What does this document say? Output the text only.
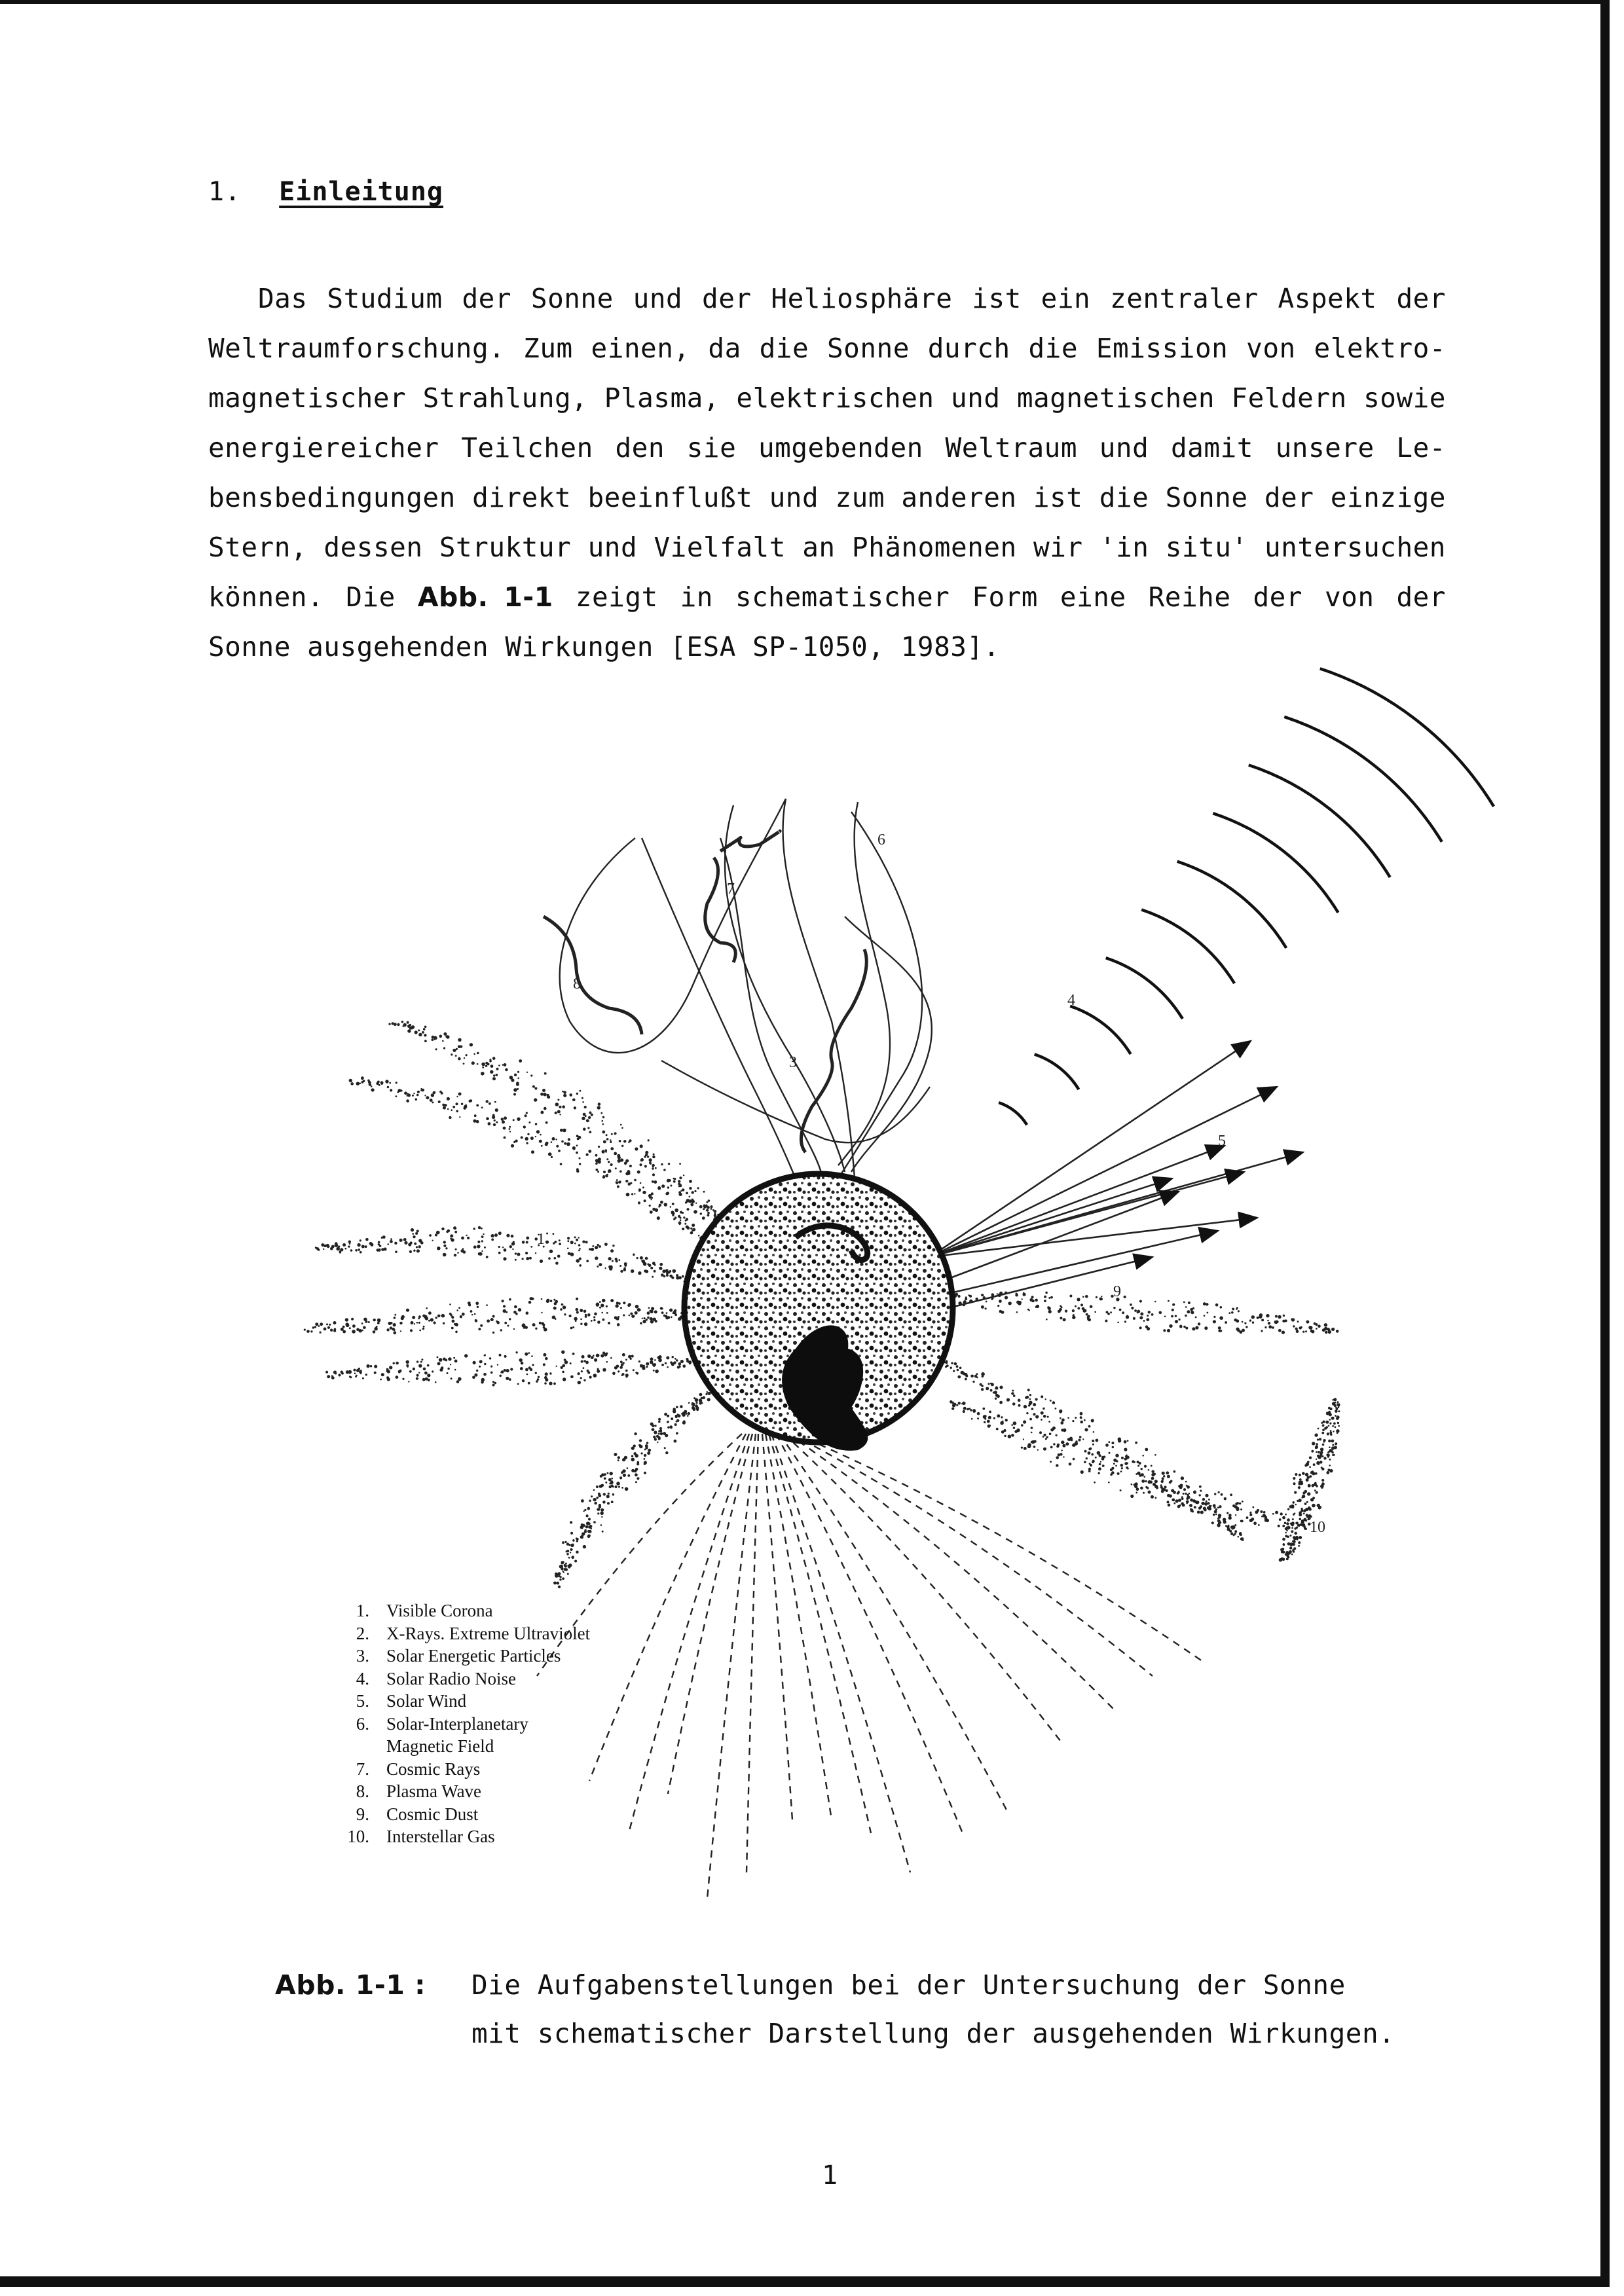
1. Einleitung

Das Studium der Sonne und der Heliosphäre ist ein zentraler Aspekt der
Weltraumforschung. Zum einen, da die Sonne durch die Emission von elektro-
magnetischer Strahlung, Plasma, elektrischen und magnetischen Feldern sowie
energiereicher Teilchen den sie umgebenden Weltraum und damit unsere Le-
bensbedingungen direkt beeinflußt und zum anderen ist die Sonne der einzige
Stern, dessen Struktur und Vielfalt an Phänomenen wir 'in situ' untersuchen
können. Die Abb. 1-1 zeigt in schematischer Form eine Reihe der von der
Sonne ausgehenden Wirkungen [ESA SP-1050, 1983].

1
3
4
5
6
7
8
9
10
1. Visible Corona
2. X-Rays. Extreme Ultraviolet
3. Solar Energetic Particles
4. Solar Radio Noise
5. Solar Wind
6. Solar-Interplanetary
Magnetic Field
7. Cosmic Rays
8. Plasma Wave
9. Cosmic Dust
10. Interstellar Gas
Abb. 1-1 : Die Aufgabenstellungen bei der Untersuchung der Sonne
mit schematischer Darstellung der ausgehenden Wirkungen.
1
